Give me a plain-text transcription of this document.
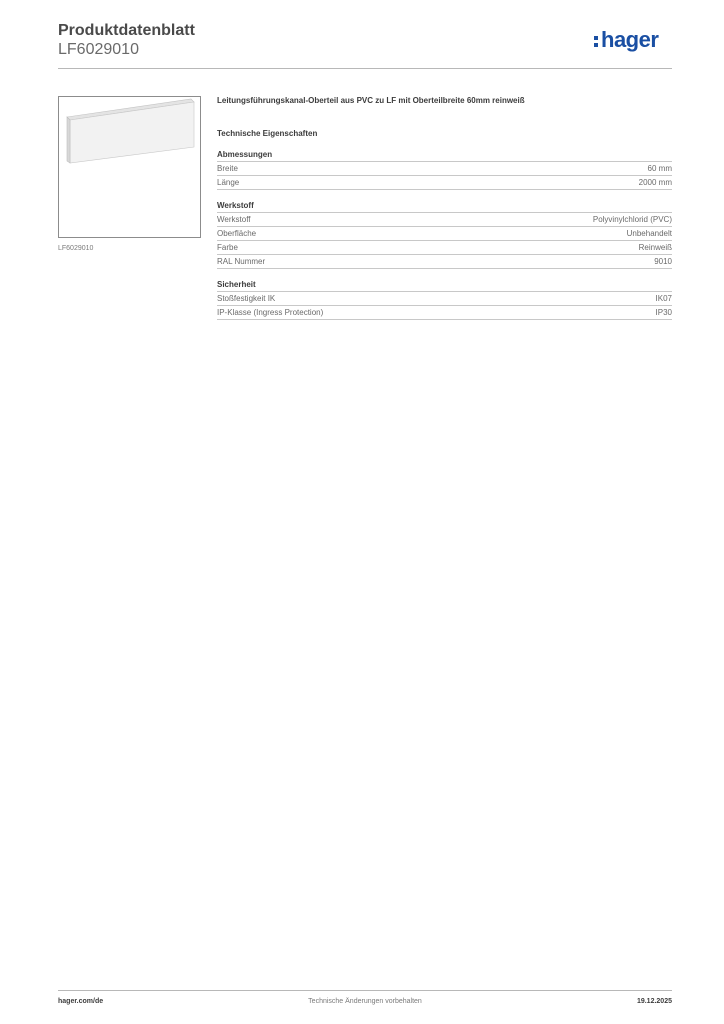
Produktdatenblatt
LF6029010	hager
LF6029010
Leitungsführungskanal-Oberteil aus PVC zu LF mit Oberteilbreite 60mm reinweiß
Technische Eigenschaften
Abmessungen
Breite	60 mm
Länge	2000 mm
Werkstoff
Werkstoff	Polyvinylchlorid (PVC)
Oberfläche	Unbehandelt
Farbe	Reinweiß
RAL Nummer	9010
Sicherheit
Stoßfestigkeit IK	IK07
IP-Klasse (Ingress Protection)	IP30
hager.com/de	Technische Änderungen vorbehalten	19.12.2025
